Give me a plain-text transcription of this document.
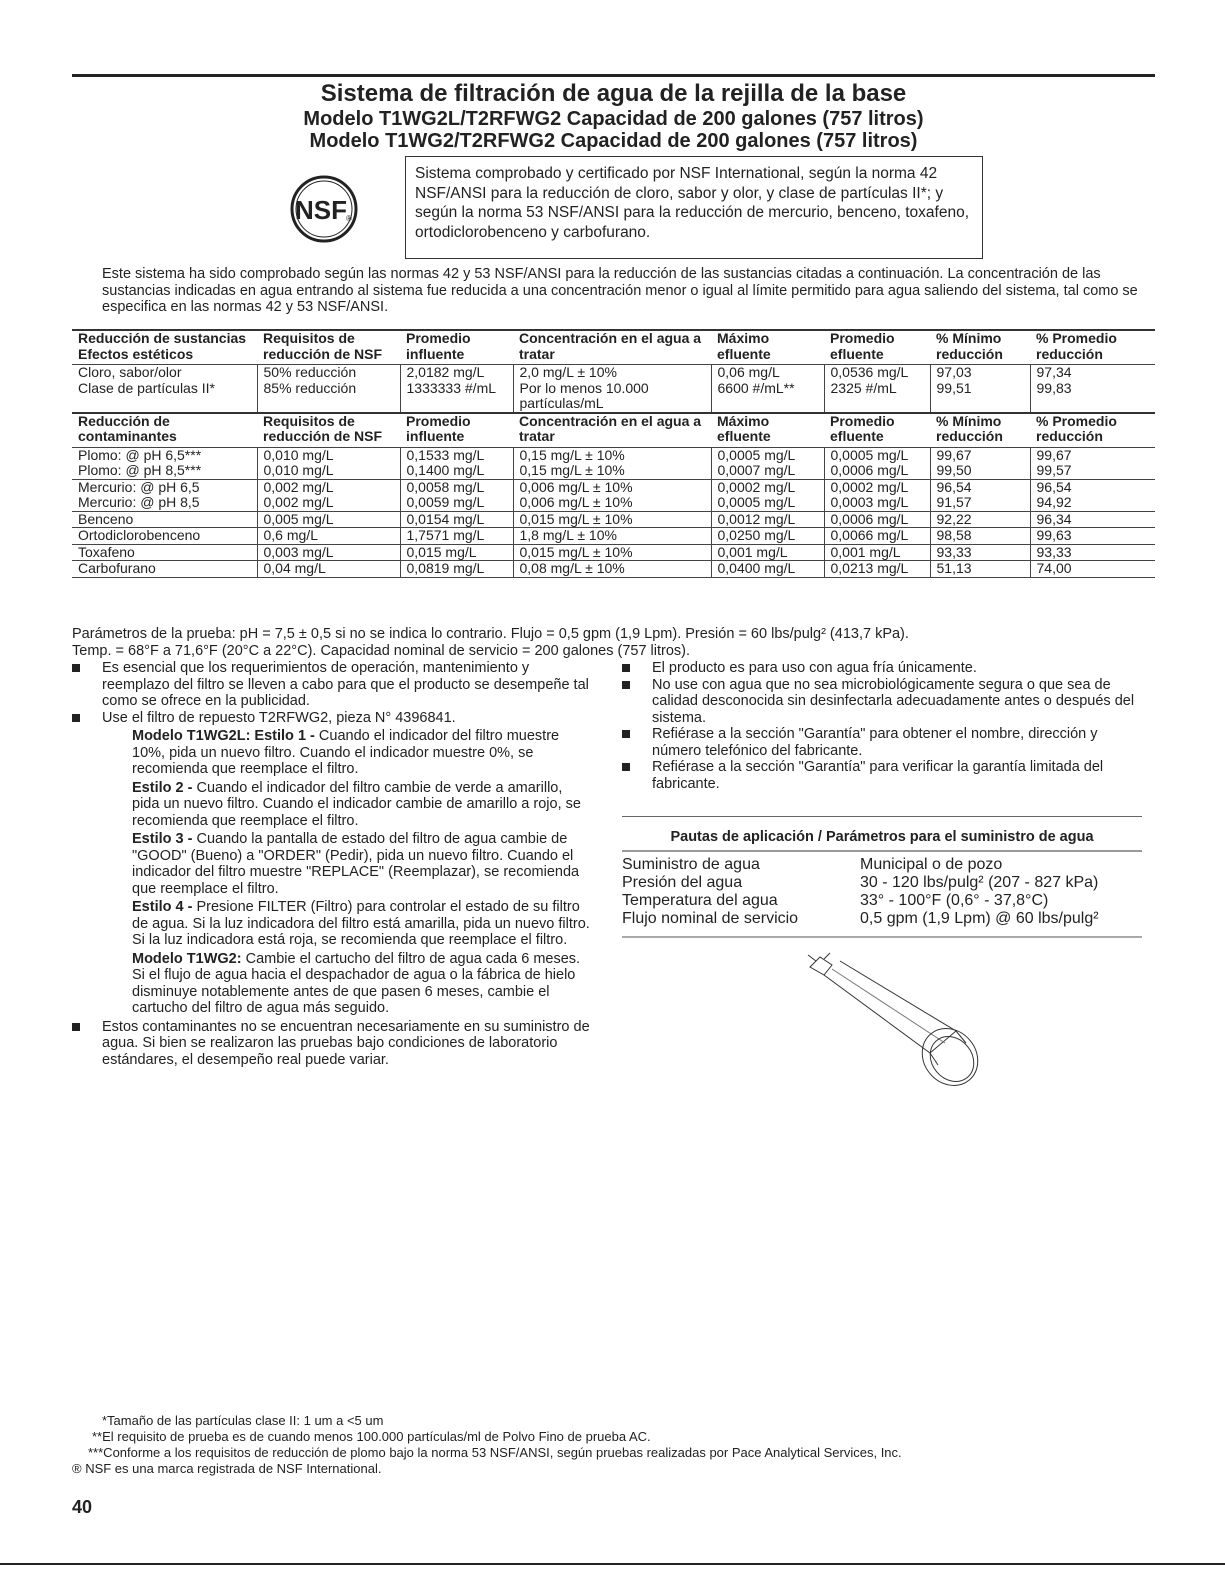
Sistema de filtración de agua de la rejilla de la base
Modelo T1WG2L/T2RFWG2 Capacidad de 200 galones (757 litros)
Modelo T1WG2/T2RFWG2 Capacidad de 200 galones (757 litros)
NSF ®
Sistema comprobado y certificado por NSF International, según la norma 42 NSF/ANSI para la reducción de cloro, sabor y olor, y clase de partículas II*; y según la norma 53 NSF/ANSI para la reducción de mercurio, benceno, toxafeno, ortodiclorobenceno y carbofurano.
Este sistema ha sido comprobado según las normas 42 y 53 NSF/ANSI para la reducción de las sustancias citadas a continuación. La concentración de las sustancias indicadas en agua entrando al sistema fue reducida a una concentración menor o igual al límite permitido para agua saliendo del sistema, tal como se especifica en las normas 42 y 53 NSF/ANSI.
Reducción de sustancias Efectos estéticos	Requisitos de reducción de NSF	Promedio influente	Concentración en el agua a tratar	Máximo efluente	Promedio efluente	% Mínimo reducción	% Promedio reducción
Cloro, sabor/olor	50% reducción	2,0182 mg/L	2,0 mg/L ± 10%	0,06 mg/L	0,0536 mg/L	97,03	97,34
Clase de partículas II*	85% reducción	1333333 #/mL	Por lo menos 10.000 partículas/mL	6600 #/mL**	2325 #/mL	99,51	99,83
Reducción de contaminantes	Requisitos de reducción de NSF	Promedio influente	Concentración en el agua a tratar	Máximo efluente	Promedio efluente	% Mínimo reducción	% Promedio reducción
Plomo: @ pH 6,5***	0,010 mg/L	0,1533 mg/L	0,15 mg/L ± 10%	0,0005 mg/L	0,0005 mg/L	99,67	99,67
Plomo: @ pH 8,5***	0,010 mg/L	0,1400 mg/L	0,15 mg/L ± 10%	0,0007 mg/L	0,0006 mg/L	99,50	99,57
Mercurio: @ pH 6,5	0,002 mg/L	0,0058 mg/L	0,006 mg/L ± 10%	0,0002 mg/L	0,0002 mg/L	96,54	96,54
Mercurio: @ pH 8,5	0,002 mg/L	0,0059 mg/L	0,006 mg/L ± 10%	0,0005 mg/L	0,0003 mg/L	91,57	94,92
Benceno	0,005 mg/L	0,0154 mg/L	0,015 mg/L ± 10%	0,0012 mg/L	0,0006 mg/L	92,22	96,34
Ortodiclorobenceno	0,6 mg/L	1,7571 mg/L	1,8 mg/L ± 10%	0,0250 mg/L	0,0066 mg/L	98,58	99,63
Toxafeno	0,003 mg/L	0,015 mg/L	0,015 mg/L ± 10%	0,001 mg/L	0,001 mg/L	93,33	93,33
Carbofurano	0,04 mg/L	0,0819 mg/L	0,08 mg/L ± 10%	0,0400 mg/L	0,0213 mg/L	51,13	74,00
Parámetros de la prueba: pH = 7,5 ± 0,5 si no se indica lo contrario. Flujo = 0,5 gpm (1,9 Lpm). Presión = 60 lbs/pulg² (413,7 kPa).
Temp. = 68°F a 71,6°F (20°C a 22°C). Capacidad nominal de servicio = 200 galones (757 litros).
Es esencial que los requerimientos de operación, mantenimiento y reemplazo del filtro se lleven a cabo para que el producto se desempeñe tal como se ofrece en la publicidad.
Use el filtro de repuesto T2RFWG2, pieza N° 4396841.

Modelo T1WG2L: Estilo 1 - Cuando el indicador del filtro muestre 10%, pida un nuevo filtro. Cuando el indicador muestre 0%, se recomienda que reemplace el filtro.

Estilo 2 - Cuando el indicador del filtro cambie de verde a amarillo, pida un nuevo filtro. Cuando el indicador cambie de amarillo a rojo, se recomienda que reemplace el filtro.

Estilo 3 - Cuando la pantalla de estado del filtro de agua cambie de "GOOD" (Bueno) a "ORDER" (Pedir), pida un nuevo filtro. Cuando el indicador del filtro muestre "REPLACE" (Reemplazar), se recomienda que reemplace el filtro.

Estilo 4 - Presione FILTER (Filtro) para controlar el estado de su filtro de agua. Si la luz indicadora del filtro está amarilla, pida un nuevo filtro. Si la luz indicadora está roja, se recomienda que reemplace el filtro.

Modelo T1WG2: Cambie el cartucho del filtro de agua cada 6 meses. Si el flujo de agua hacia el despachador de agua o la fábrica de hielo disminuye notablemente antes de que pasen 6 meses, cambie el cartucho del filtro de agua más seguido.

Estos contaminantes no se encuentran necesariamente en su suministro de agua. Si bien se realizaron las pruebas bajo condiciones de laboratorio estándares, el desempeño real puede variar.
El producto es para uso con agua fría únicamente.
No use con agua que no sea microbiológicamente segura o que sea de calidad desconocida sin desinfectarla adecuadamente antes o después del sistema.
Refiérase a la sección "Garantía" para obtener el nombre, dirección y número telefónico del fabricante.
Refiérase a la sección "Garantía" para verificar la garantía limitada del fabricante.
Pautas de aplicación / Parámetros para el suministro de agua
Suministro de agua	Municipal o de pozo
Presión del agua	30 - 120 lbs/pulg² (207 - 827 kPa)
Temperatura del agua	33° - 100°F (0,6° - 37,8°C)
Flujo nominal de servicio	0,5 gpm (1,9 Lpm) @ 60 lbs/pulg²

*Tamaño de las partículas clase II: 1 um a <5 um

**El requisito de prueba es de cuando menos 100.000 partículas/ml de Polvo Fino de prueba AC.

***Conforme a los requisitos de reducción de plomo bajo la norma 53 NSF/ANSI, según pruebas realizadas por Pace Analytical Services, Inc.

® NSF es una marca registrada de NSF International.

40
